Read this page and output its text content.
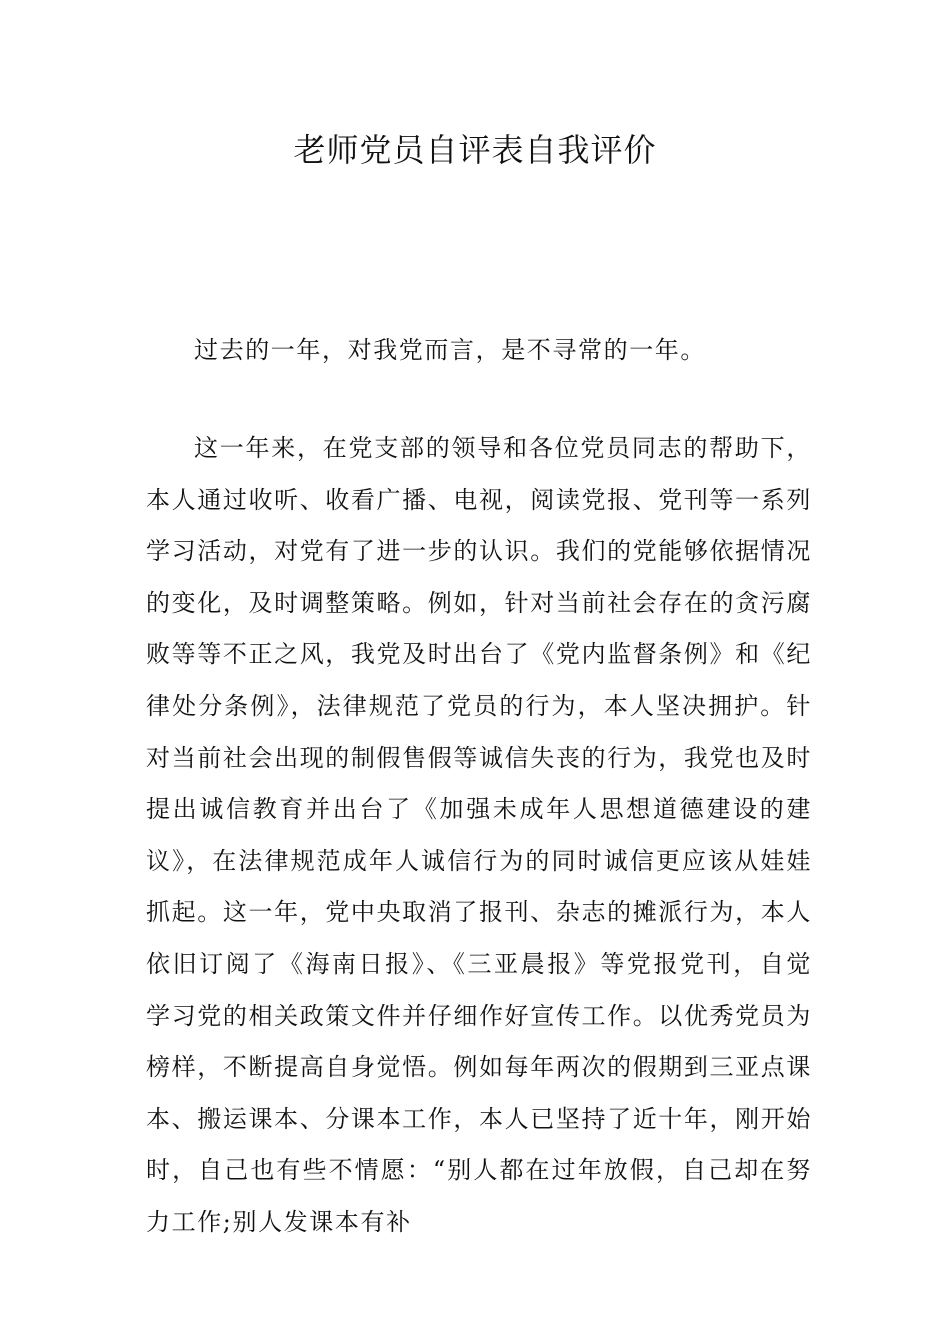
老师党员自评表自我评价

过去的一年，对我党而言，是不寻常的一年。

这一年来，在党支部的领导和各位党员同志的帮助下，本人通过收听、收看广播、电视，阅读党报、党刊等一系列学习活动，对党有了进一步的认识。我们的党能够依据情况的变化，及时调整策略。例如，针对当前社会存在的贪污腐败等等不正之风，我党及时出台了《党内监督条例》和《纪律处分条例》，法律规范了党员的行为，本人坚决拥护。针对当前社会出现的制假售假等诚信失丧的行为，我党也及时提出诚信教育并出台了《加强未成年人思想道德建设的建议》，在法律规范成年人诚信行为的同时诚信更应该从娃娃抓起。这一年，党中央取消了报刊、杂志的摊派行为，本人依旧订阅了《海南日报》、《三亚晨报》等党报党刊，自觉学习党的相关政策文件并仔细作好宣传工作。以优秀党员为榜样，不断提高自身觉悟。例如每年两次的假期到三亚点课本、搬运课本、分课本工作，本人已坚持了近十年，刚开始时，自己也有些不情愿：“别人都在过年放假，自己却在努力工作;别人发课本有补
